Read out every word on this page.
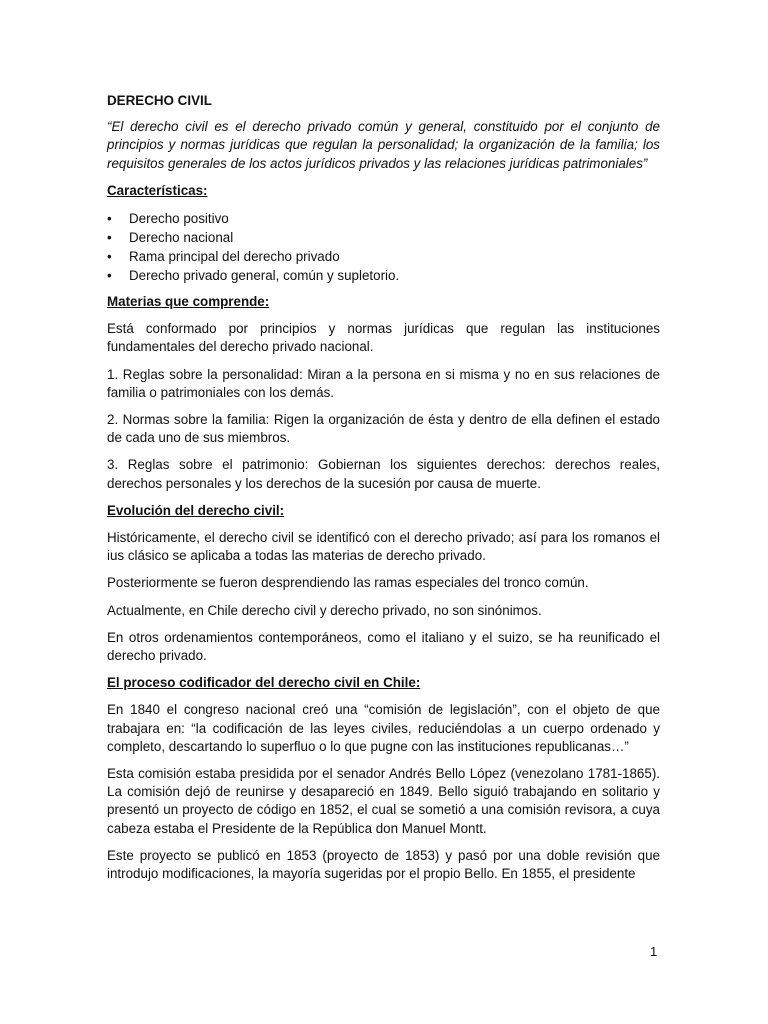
DERECHO CIVIL
“El derecho civil es el derecho privado común y general, constituido por el conjunto de principios y normas jurídicas que regulan la personalidad; la organización de la familia; los requisitos generales de los actos jurídicos privados y las relaciones jurídicas patrimoniales”
Características:
• Derecho positivo
• Derecho nacional
• Rama principal del derecho privado
• Derecho privado general, común y supletorio.
Materias que comprende:

Está conformado por principios y normas jurídicas que regulan las instituciones fundamentales del derecho privado nacional.

1. Reglas sobre la personalidad: Miran a la persona en si misma y no en sus relaciones de familia o patrimoniales con los demás.

2. Normas sobre la familia: Rigen la organización de ésta y dentro de ella definen el estado de cada uno de sus miembros.

3. Reglas sobre el patrimonio: Gobiernan los siguientes derechos: derechos reales, derechos personales y los derechos de la sucesión por causa de muerte.

Evolución del derecho civil:

Históricamente, el derecho civil se identificó con el derecho privado; así para los romanos el ius clásico se aplicaba a todas las materias de derecho privado.

Posteriormente se fueron desprendiendo las ramas especiales del tronco común.

Actualmente, en Chile derecho civil y derecho privado, no son sinónimos.

En otros ordenamientos contemporáneos, como el italiano y el suizo, se ha reunificado el derecho privado.

El proceso codificador del derecho civil en Chile:

En 1840 el congreso nacional creó una “comisión de legislación”, con el objeto de que trabajara en: “la codificación de las leyes civiles, reduciéndolas a un cuerpo ordenado y completo, descartando lo superfluo o lo que pugne con las instituciones republicanas…”

Esta comisión estaba presidida por el senador Andrés Bello López (venezolano 1781-1865). La comisión dejó de reunirse y desapareció en 1849. Bello siguió trabajando en solitario y presentó un proyecto de código en 1852, el cual se sometió a una comisión revisora, a cuya cabeza estaba el Presidente de la República don Manuel Montt.

Este proyecto se publicó en 1853 (proyecto de 1853) y pasó por una doble revisión que introdujo modificaciones, la mayoría sugeridas por el propio Bello. En 1855, el presidente

1
